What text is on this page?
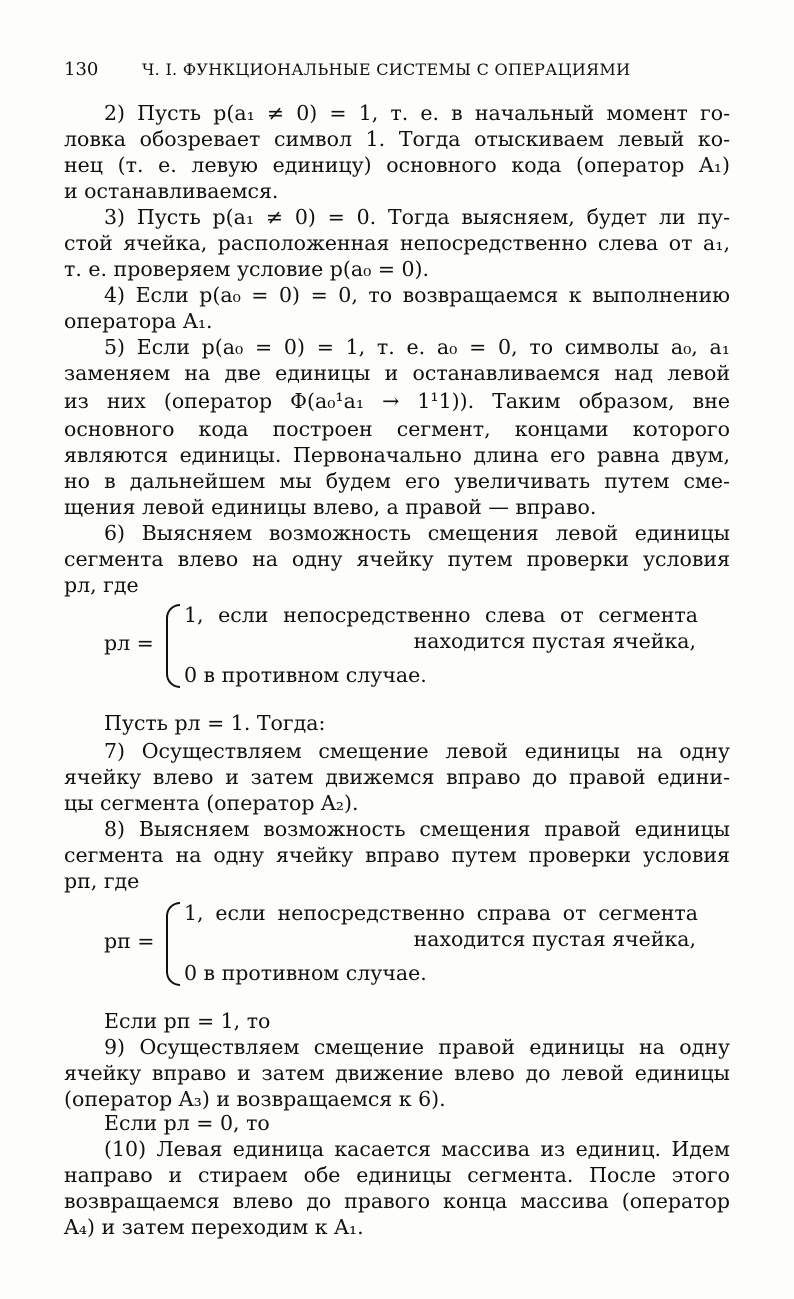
130	Ч. I. ФУНКЦИОНАЛЬНЫЕ СИСТЕМЫ С ОПЕРАЦИЯМИ
2) Пусть p(a₁ ≠ 0) = 1, т. е. в начальный момент го-
ловка обозревает символ 1. Тогда отыскиваем левый ко-
нец (т. е. левую единицу) основного кода (оператор A₁)
и останавливаемся.
3) Пусть p(a₁ ≠ 0) = 0. Тогда выясняем, будет ли пу-
стой ячейка, расположенная непосредственно слева от a₁,
т. е. проверяем условие p(a₀ = 0).
4) Если p(a₀ = 0) = 0, то возвращаемся к выполнению
оператора A₁.
5) Если p(a₀ = 0) = 1, т. е. a₀ = 0, то символы a₀, a₁
заменяем на две единицы и останавливаемся над левой
из них (оператор Φ(a₀¹a₁ → 1¹1)). Таким образом, вне
основного кода построен сегмент, концами которого
являются единицы. Первоначально длина его равна двум,
но в дальнейшем мы будем его увеличивать путем сме-
щения левой единицы влево, а правой — вправо.
6) Выясняем возможность смещения левой единицы
сегмента влево на одну ячейку путем проверки условия
pл, где
pл =
1, если непосредственно слева от сегмента
находится пустая ячейка,
0 в противном случае.
Пусть pл = 1. Тогда:
7) Осуществляем смещение левой единицы на одну
ячейку влево и затем движемся вправо до правой едини-
цы сегмента (оператор A₂).
8) Выясняем возможность смещения правой единицы
сегмента на одну ячейку вправо путем проверки условия
pп, где
pп =
1, если непосредственно справа от сегмента
находится пустая ячейка,
0 в противном случае.
Если pп = 1, то
9) Осуществляем смещение правой единицы на одну
ячейку вправо и затем движение влево до левой единицы
(оператор A₃) и возвращаемся к 6).
Если pл = 0, то
(10) Левая единица касается массива из единиц. Идем
направо и стираем обе единицы сегмента. После этого
возвращаемся влево до правого конца массива (оператор
A₄) и затем переходим к A₁.
